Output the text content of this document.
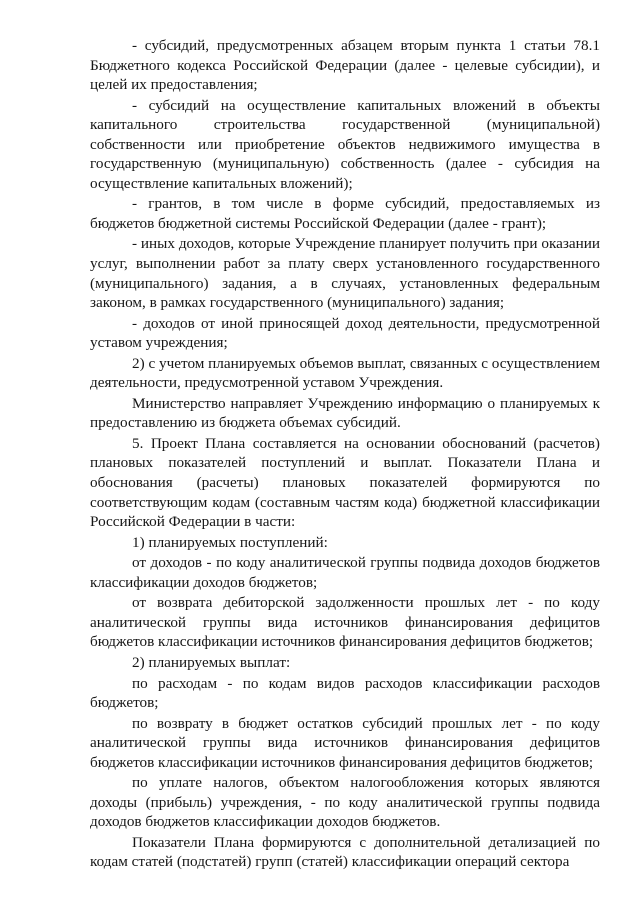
- субсидий, предусмотренных абзацем вторым пункта 1 статьи 78.1 Бюджетного кодекса Российской Федерации (далее - целевые субсидии), и целей их предоставления;

- субсидий на осуществление капитальных вложений в объекты капитального строительства государственной (муниципальной) собственности или приобретение объектов недвижимого имущества в государственную (муниципальную) собственность (далее - субсидия на осуществление капитальных вложений);

- грантов, в том числе в форме субсидий, предоставляемых из бюджетов бюджетной системы Российской Федерации (далее - грант);

- иных доходов, которые Учреждение планирует получить при оказании услуг, выполнении работ за плату сверх установленного государственного (муниципального) задания, а в случаях, установленных федеральным законом, в рамках государственного (муниципального) задания;

- доходов от иной приносящей доход деятельности, предусмотренной уставом учреждения;

2) с учетом планируемых объемов выплат, связанных с осуществлением деятельности, предусмотренной уставом Учреждения.

Министерство направляет Учреждению информацию о планируемых к предоставлению из бюджета объемах субсидий.

5. Проект Плана составляется на основании обоснований (расчетов) плановых показателей поступлений и выплат. Показатели Плана и обоснования (расчеты) плановых показателей формируются по соответствующим кодам (составным частям кода) бюджетной классификации Российской Федерации в части:

1) планируемых поступлений:

от доходов - по коду аналитической группы подвида доходов бюджетов классификации доходов бюджетов;

от возврата дебиторской задолженности прошлых лет - по коду аналитической группы вида источников финансирования дефицитов бюджетов классификации источников финансирования дефицитов бюджетов;

2) планируемых выплат:

по расходам - по кодам видов расходов классификации расходов бюджетов;

по возврату в бюджет остатков субсидий прошлых лет - по коду аналитической группы вида источников финансирования дефицитов бюджетов классификации источников финансирования дефицитов бюджетов;

по уплате налогов, объектом налогообложения которых являются доходы (прибыль) учреждения, - по коду аналитической группы подвида доходов бюджетов классификации доходов бюджетов.

Показатели Плана формируются с дополнительной детализацией по кодам статей (подстатей) групп (статей) классификации операций сектора
